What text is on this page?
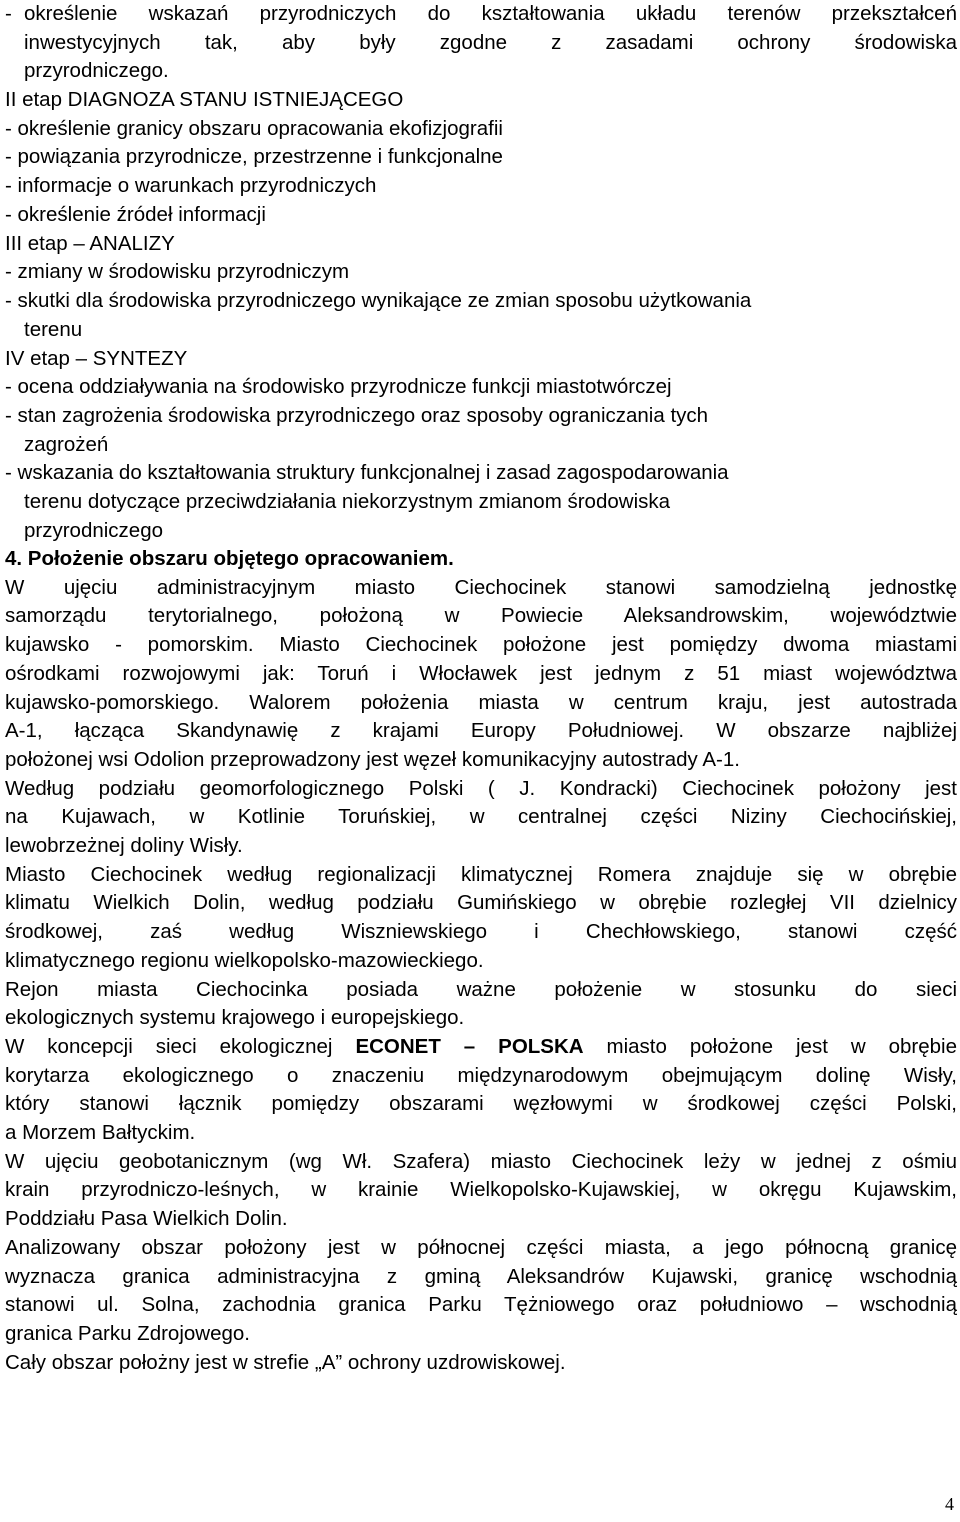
- określenie wskazań przyrodniczych do kształtowania układu terenów przekształceń

inwestycyjnych tak, aby były zgodne z zasadami ochrony środowiska

przyrodniczego.

II etap DIAGNOZA STANU ISTNIEJĄCEGO

- określenie granicy obszaru opracowania ekofizjografii

- powiązania przyrodnicze, przestrzenne i funkcjonalne

- informacje o warunkach przyrodniczych

- określenie źródeł informacji

III etap – ANALIZY

- zmiany w środowisku przyrodniczym

- skutki dla środowiska przyrodniczego wynikające ze zmian sposobu użytkowania

terenu

IV etap – SYNTEZY

- ocena oddziaływania na środowisko przyrodnicze funkcji miastotwórczej

- stan zagrożenia środowiska przyrodniczego oraz sposoby ograniczania tych

zagrożeń

- wskazania do kształtowania struktury funkcjonalnej i zasad zagospodarowania

terenu dotyczące przeciwdziałania niekorzystnym zmianom środowiska

przyrodniczego

4. Położenie obszaru objętego opracowaniem.

W ujęciu administracyjnym miasto Ciechocinek stanowi samodzielną jednostkę

samorządu terytorialnego, położoną w Powiecie Aleksandrowskim, województwie

kujawsko - pomorskim. Miasto Ciechocinek położone jest pomiędzy dwoma miastami

ośrodkami rozwojowymi jak: Toruń i Włocławek jest jednym z 51 miast województwa

kujawsko-pomorskiego. Walorem położenia miasta w centrum kraju, jest autostrada

A-1, łącząca Skandynawię z krajami Europy Południowej. W obszarze najbliżej

położonej wsi Odolion przeprowadzony jest węzeł komunikacyjny autostrady A-1.

Według podziału geomorfologicznego Polski ( J. Kondracki) Ciechocinek położony jest

na Kujawach, w Kotlinie Toruńskiej, w centralnej części Niziny Ciechocińskiej,

lewobrzeżnej doliny Wisły.

Miasto Ciechocinek według regionalizacji klimatycznej Romera znajduje się w obrębie

klimatu Wielkich Dolin, według podziału Gumińskiego w obrębie rozległej VII dzielnicy

środkowej, zaś według Wiszniewskiego i Chechłowskiego, stanowi część

klimatycznego regionu wielkopolsko-mazowieckiego.

Rejon miasta Ciechocinka posiada ważne położenie w stosunku do sieci

ekologicznych systemu krajowego i europejskiego.

W koncepcji sieci ekologicznej ECONET – POLSKA miasto położone jest w obrębie

korytarza ekologicznego o znaczeniu międzynarodowym obejmującym dolinę Wisły,

który stanowi łącznik pomiędzy obszarami węzłowymi w środkowej części Polski,

a Morzem Bałtyckim.

W ujęciu geobotanicznym (wg Wł. Szafera) miasto Ciechocinek leży w jednej z ośmiu

krain przyrodniczo-leśnych, w krainie Wielkopolsko-Kujawskiej, w okręgu Kujawskim,

Poddziału Pasa Wielkich Dolin.

Analizowany obszar położony jest w północnej części miasta, a jego północną granicę

wyznacza granica administracyjna z gminą Aleksandrów Kujawski, granicę wschodnią

stanowi ul. Solna, zachodnia granica Parku Tężniowego oraz południowo – wschodnią

granica Parku Zdrojowego.

Cały obszar położny jest w strefie „A” ochrony uzdrowiskowej.

4
